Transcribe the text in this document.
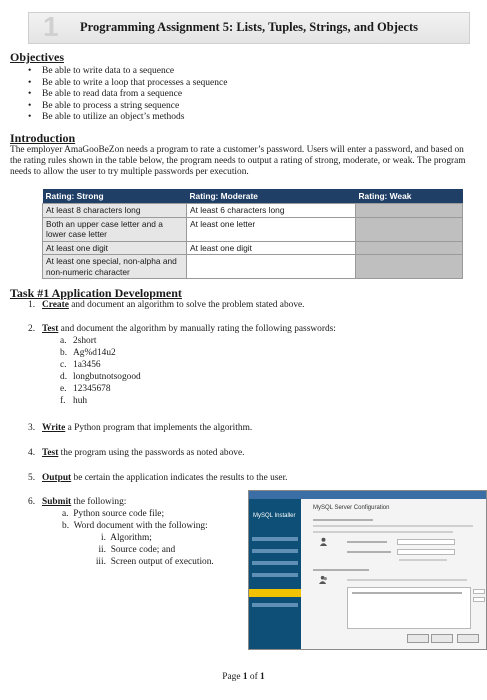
1	Programming Assignment 5: Lists, Tuples, Strings, and Objects
Objectives
• Be able to write data to a sequence
• Be able to write a loop that processes a sequence
• Be able to read data from a sequence
• Be able to process a string sequence
• Be able to utilize an object’s methods
Introduction

The employer AmaGooBeZon needs a program to rate a customer’s password. Users will enter a password, and based on the rating rules shown in the table below, the program needs to output a rating of strong, moderate, or weak. The program needs to allow the user to try multiple passwords per execution.

Rating: Strong	Rating: Moderate	Rating: Weak
At least 8 characters long	At least 6 characters long	
Both an upper case letter and a lower case letter	At least one letter	
At least one digit	At least one digit	
At least one special, non-alpha and non-numeric character		
Task #1 Application Development
1. Create and document an algorithm to solve the problem stated above.
2. Test and document the algorithm by manually rating the following passwords:
a. 2short
b. Ag%d14u2
c. 1a3456
d. longbutnotsogood
e. 12345678
f. huh
3. Write a Python program that implements the algorithm.
4. Test the program using the passwords as noted above.
5. Output be certain the application indicates the results to the user.
6. Submit the following:
a. Python source code file;
b. Word document with the following:
i. Algorithm;
ii. Source code; and
iii. Screen output of execution.
MySQL Installer
MySQL Server Configuration
Page 1 of 1
